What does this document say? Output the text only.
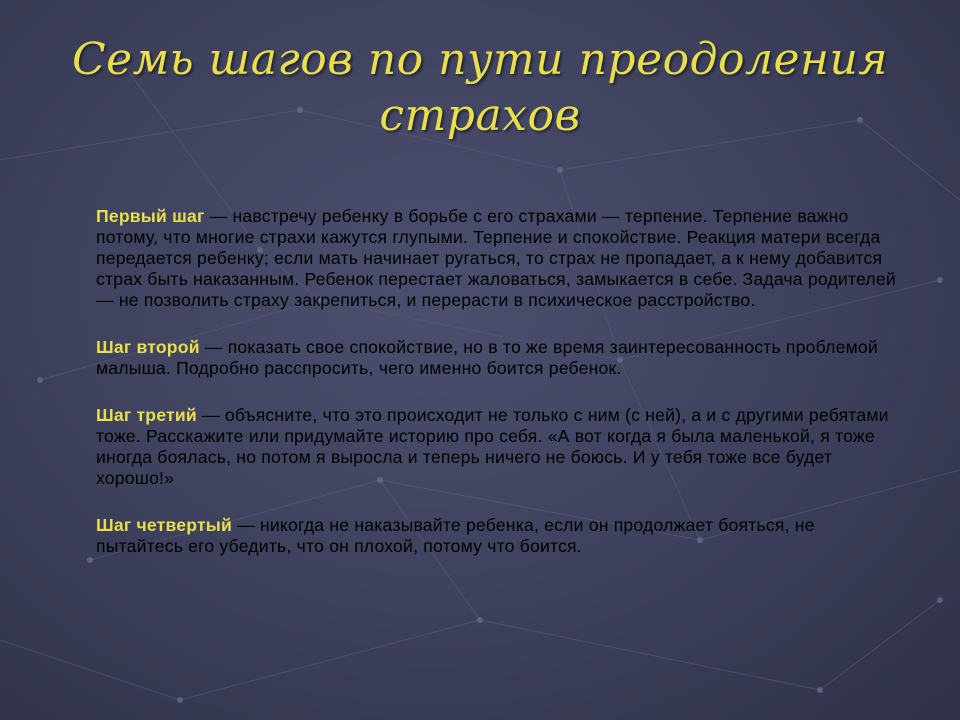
Семь шагов по пути преодоления страхов

Первый шаг — навстречу ребенку в борьбе с его страхами — терпение. Терпение важно потому, что многие страхи кажутся глупыми. Терпение и спокойствие. Реакция матери всегда передается ребенку; если мать начинает ругаться, то страх не пропадает, а к нему добавится страх быть наказанным. Ребенок перестает жаловаться, замыкается в себе. Задача родителей — не позволить страху закрепиться, и перерасти в психическое расстройство.

Шаг второй — показать свое спокойствие, но в то же время заинтересованность проблемой малыша. Подробно расспросить, чего именно боится ребенок.

Шаг третий — объясните, что это происходит не только с ним (с ней), а и с другими ребятами тоже. Расскажите или придумайте историю про себя. «А вот когда я была маленькой, я тоже иногда боялась, но потом я выросла и теперь ничего не боюсь. И у тебя тоже все будет хорошо!»

Шаг четвертый — никогда не наказывайте ребенка, если он продолжает бояться, не пытайтесь его убедить, что он плохой, потому что боится.
